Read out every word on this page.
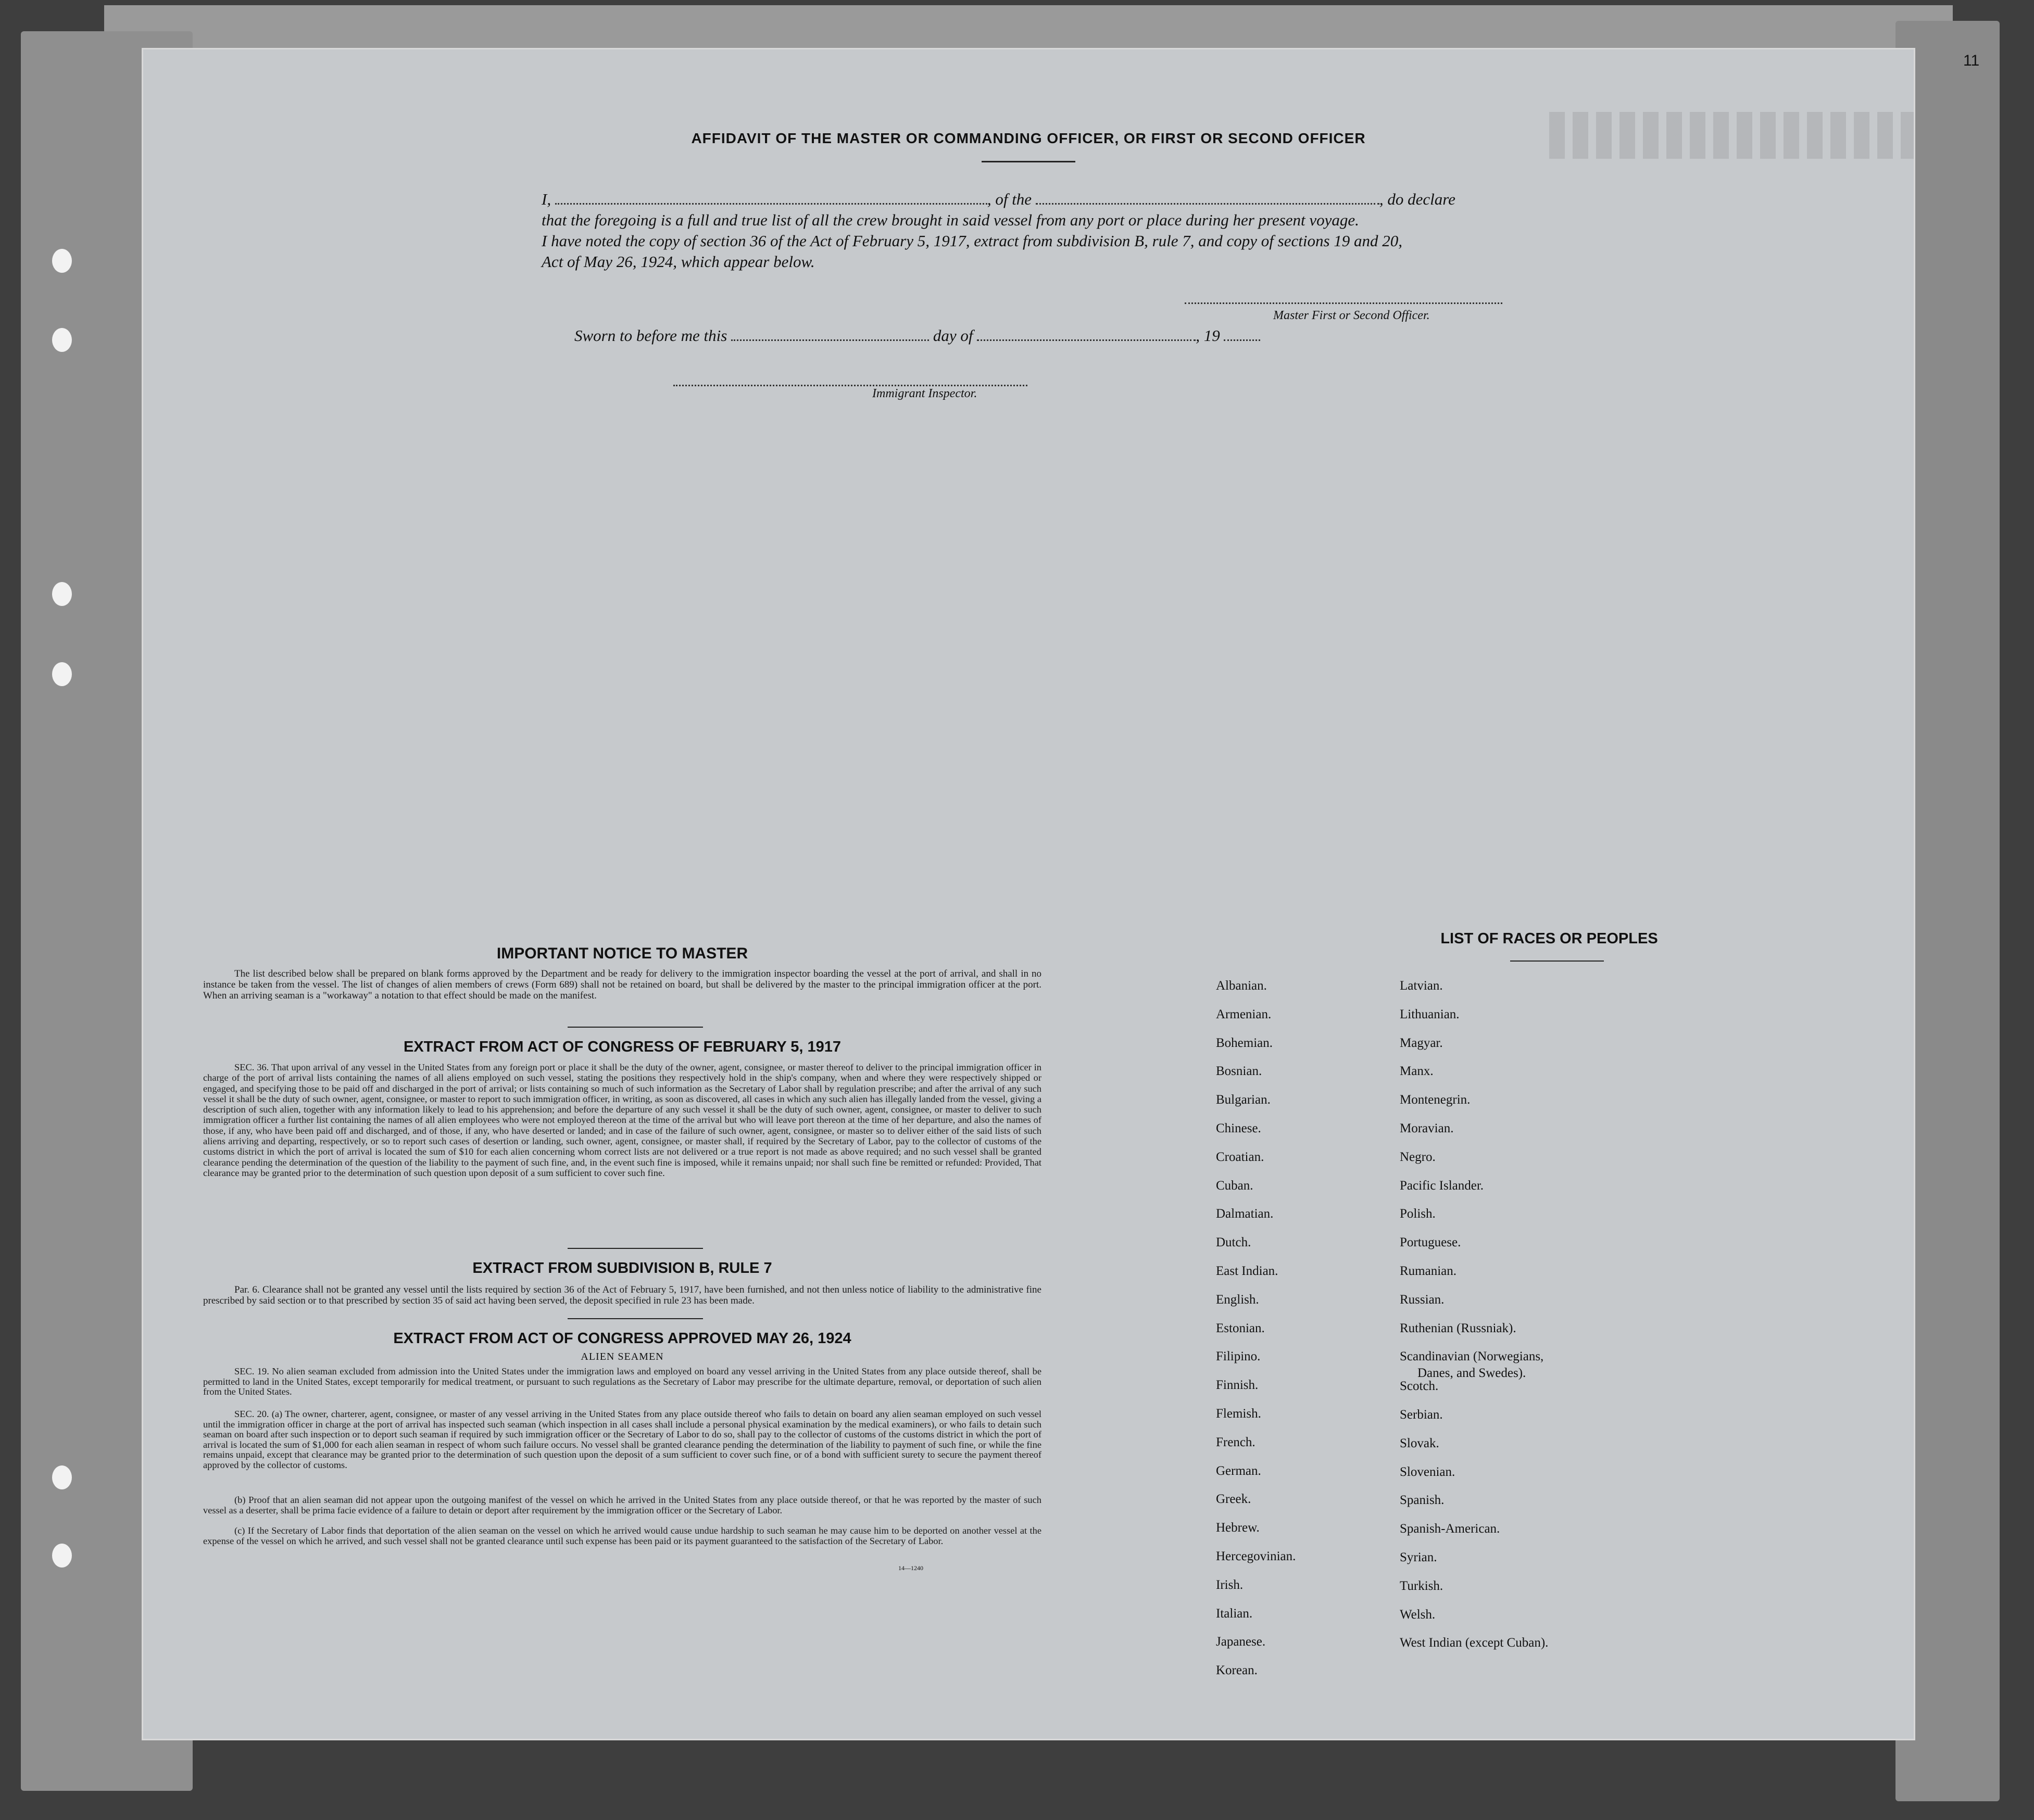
11
AFFIDAVIT OF THE MASTER OR COMMANDING OFFICER, OR FIRST OR SECOND OFFICER
I,	, of the	, do declare
that the foregoing is a full and true list of all the crew brought in said vessel from any port or place during her present voyage.
I have noted the copy of section 36 of the Act of February 5, 1917, extract from subdivision B, rule 7, and copy of sections 19 and 20,
Act of May 26, 1924, which appear below.
Master First or Second Officer.
Sworn to before me this	day of	, 19
Immigrant Inspector.
IMPORTANT NOTICE TO MASTER
The list described below shall be prepared on blank forms approved by the Department and be ready for delivery to the immigration inspector boarding the vessel at the port of arrival, and shall in no instance be taken from the vessel. The list of changes of alien members of crews (Form 689) shall not be retained on board, but shall be delivered by the master to the principal immigration officer at the port. When an arriving seaman is a "workaway" a notation to that effect should be made on the manifest.
EXTRACT FROM ACT OF CONGRESS OF FEBRUARY 5, 1917
SEC. 36. That upon arrival of any vessel in the United States from any foreign port or place it shall be the duty of the owner, agent, consignee, or master thereof to deliver to the principal immigration officer in charge of the port of arrival lists containing the names of all aliens employed on such vessel, stating the positions they respectively hold in the ship's company, when and where they were respectively shipped or engaged, and specifying those to be paid off and discharged in the port of arrival; or lists containing so much of such information as the Secretary of Labor shall by regulation prescribe; and after the arrival of any such vessel it shall be the duty of such owner, agent, consignee, or master to report to such immigration officer, in writing, as soon as discovered, all cases in which any such alien has illegally landed from the vessel, giving a description of such alien, together with any information likely to lead to his apprehension; and before the departure of any such vessel it shall be the duty of such owner, agent, consignee, or master to deliver to such immigration officer a further list containing the names of all alien employees who were not employed thereon at the time of the arrival but who will leave port thereon at the time of her departure, and also the names of those, if any, who have been paid off and discharged, and of those, if any, who have deserted or landed; and in case of the failure of such owner, agent, consignee, or master so to deliver either of the said lists of such aliens arriving and departing, respectively, or so to report such cases of desertion or landing, such owner, agent, consignee, or master shall, if required by the Secretary of Labor, pay to the collector of customs of the customs district in which the port of arrival is located the sum of $10 for each alien concerning whom correct lists are not delivered or a true report is not made as above required; and no such vessel shall be granted clearance pending the determination of the question of the liability to the payment of such fine, and, in the event such fine is imposed, while it remains unpaid; nor shall such fine be remitted or refunded: Provided, That clearance may be granted prior to the determination of such question upon deposit of a sum sufficient to cover such fine.
EXTRACT FROM SUBDIVISION B, RULE 7
Par. 6. Clearance shall not be granted any vessel until the lists required by section 36 of the Act of February 5, 1917, have been furnished, and not then unless notice of liability to the administrative fine prescribed by said section or to that prescribed by section 35 of said act having been served, the deposit specified in rule 23 has been made.
EXTRACT FROM ACT OF CONGRESS APPROVED MAY 26, 1924
ALIEN SEAMEN
SEC. 19. No alien seaman excluded from admission into the United States under the immigration laws and employed on board any vessel arriving in the United States from any place outside thereof, shall be permitted to land in the United States, except temporarily for medical treatment, or pursuant to such regulations as the Secretary of Labor may prescribe for the ultimate departure, removal, or deportation of such alien from the United States.
SEC. 20. (a) The owner, charterer, agent, consignee, or master of any vessel arriving in the United States from any place outside thereof who fails to detain on board any alien seaman employed on such vessel until the immigration officer in charge at the port of arrival has inspected such seaman (which inspection in all cases shall include a personal physical examination by the medical examiners), or who fails to detain such seaman on board after such inspection or to deport such seaman if required by such immigration officer or the Secretary of Labor to do so, shall pay to the collector of customs of the customs district in which the port of arrival is located the sum of $1,000 for each alien seaman in respect of whom such failure occurs. No vessel shall be granted clearance pending the determination of the liability to payment of such fine, or while the fine remains unpaid, except that clearance may be granted prior to the determination of such question upon the deposit of a sum sufficient to cover such fine, or of a bond with sufficient surety to secure the payment thereof approved by the collector of customs.
(b) Proof that an alien seaman did not appear upon the outgoing manifest of the vessel on which he arrived in the United States from any place outside thereof, or that he was reported by the master of such vessel as a deserter, shall be prima facie evidence of a failure to detain or deport after requirement by the immigration officer or the Secretary of Labor.
(c) If the Secretary of Labor finds that deportation of the alien seaman on the vessel on which he arrived would cause undue hardship to such seaman he may cause him to be deported on another vessel at the expense of the vessel on which he arrived, and such vessel shall not be granted clearance until such expense has been paid or its payment guaranteed to the satisfaction of the Secretary of Labor.
14—1240
LIST OF RACES OR PEOPLES
Albanian.
Armenian.
Bohemian.
Bosnian.
Bulgarian.
Chinese.
Croatian.
Cuban.
Dalmatian.
Dutch.
East Indian.
English.
Estonian.
Filipino.
Finnish.
Flemish.
French.
German.
Greek.
Hebrew.
Hercegovinian.
Irish.
Italian.
Japanese.
Korean.
Latvian.
Lithuanian.
Magyar.
Manx.
Montenegrin.
Moravian.
Negro.
Pacific Islander.
Polish.
Portuguese.
Rumanian.
Russian.
Ruthenian (Russniak).
Scandinavian (Norwegians,
Danes, and Swedes).
Scotch.
Serbian.
Slovak.
Slovenian.
Spanish.
Spanish-American.
Syrian.
Turkish.
Welsh.
West Indian (except Cuban).
